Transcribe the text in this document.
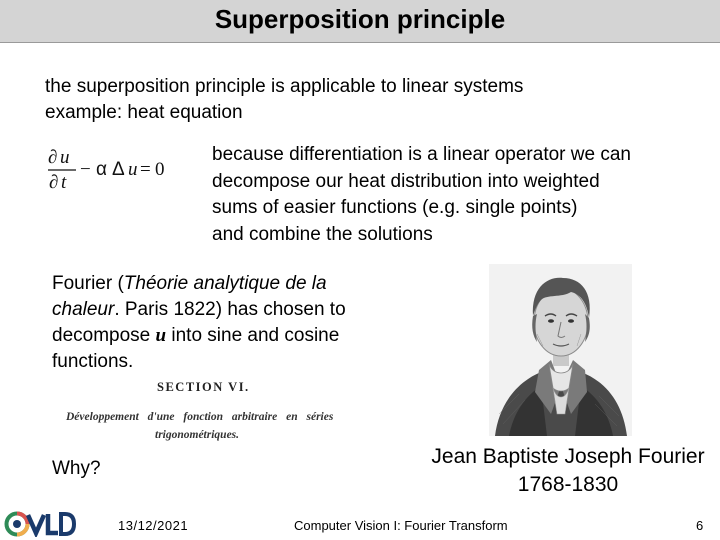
Superposition principle
the superposition principle is applicable to linear systems
example: heat equation
∂ u
∂ t
− α Δ u = 0
because differentiation is a linear operator we can
decompose our heat distribution into weighted
sums of easier functions (e.g. single points)
and combine the solutions
Fourier (Théorie analytique de la chaleur. Paris 1822) has chosen to decompose u into sine and cosine functions.
SECTION VI.
Développement d'une fonction arbitraire en séries
trigonométriques.
Why?
Jean Baptiste Joseph Fourier
1768-1830
13/12/2021	Computer Vision I: Fourier Transform	6
